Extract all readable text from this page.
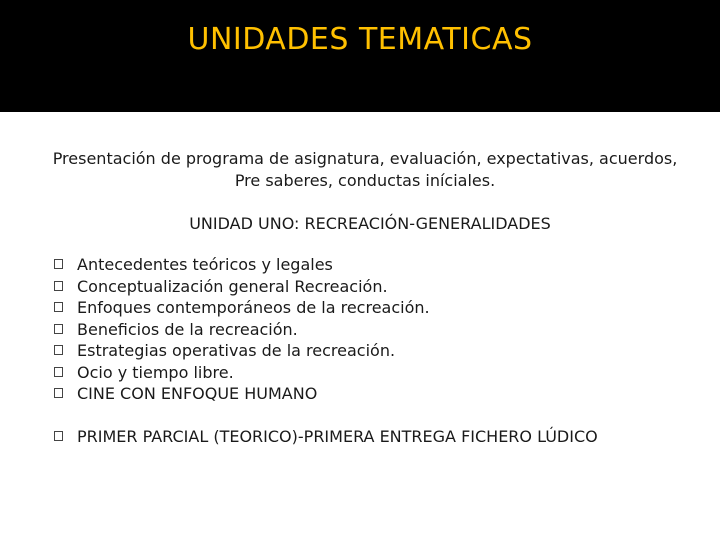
UNIDADES TEMATICAS
Presentación de programa de asignatura, evaluación, expectativas, acuerdos, Pre saberes, conductas iníciales.
UNIDAD UNO: RECREACIÓN-GENERALIDADES
Antecedentes teóricos y legales
Conceptualización general Recreación.
Enfoques contemporáneos de la recreación.
Beneficios de la recreación.
Estrategias operativas de la recreación.
Ocio y tiempo libre.
CINE CON ENFOQUE HUMANO
PRIMER PARCIAL (TEORICO)-PRIMERA ENTREGA FICHERO LÚDICO
